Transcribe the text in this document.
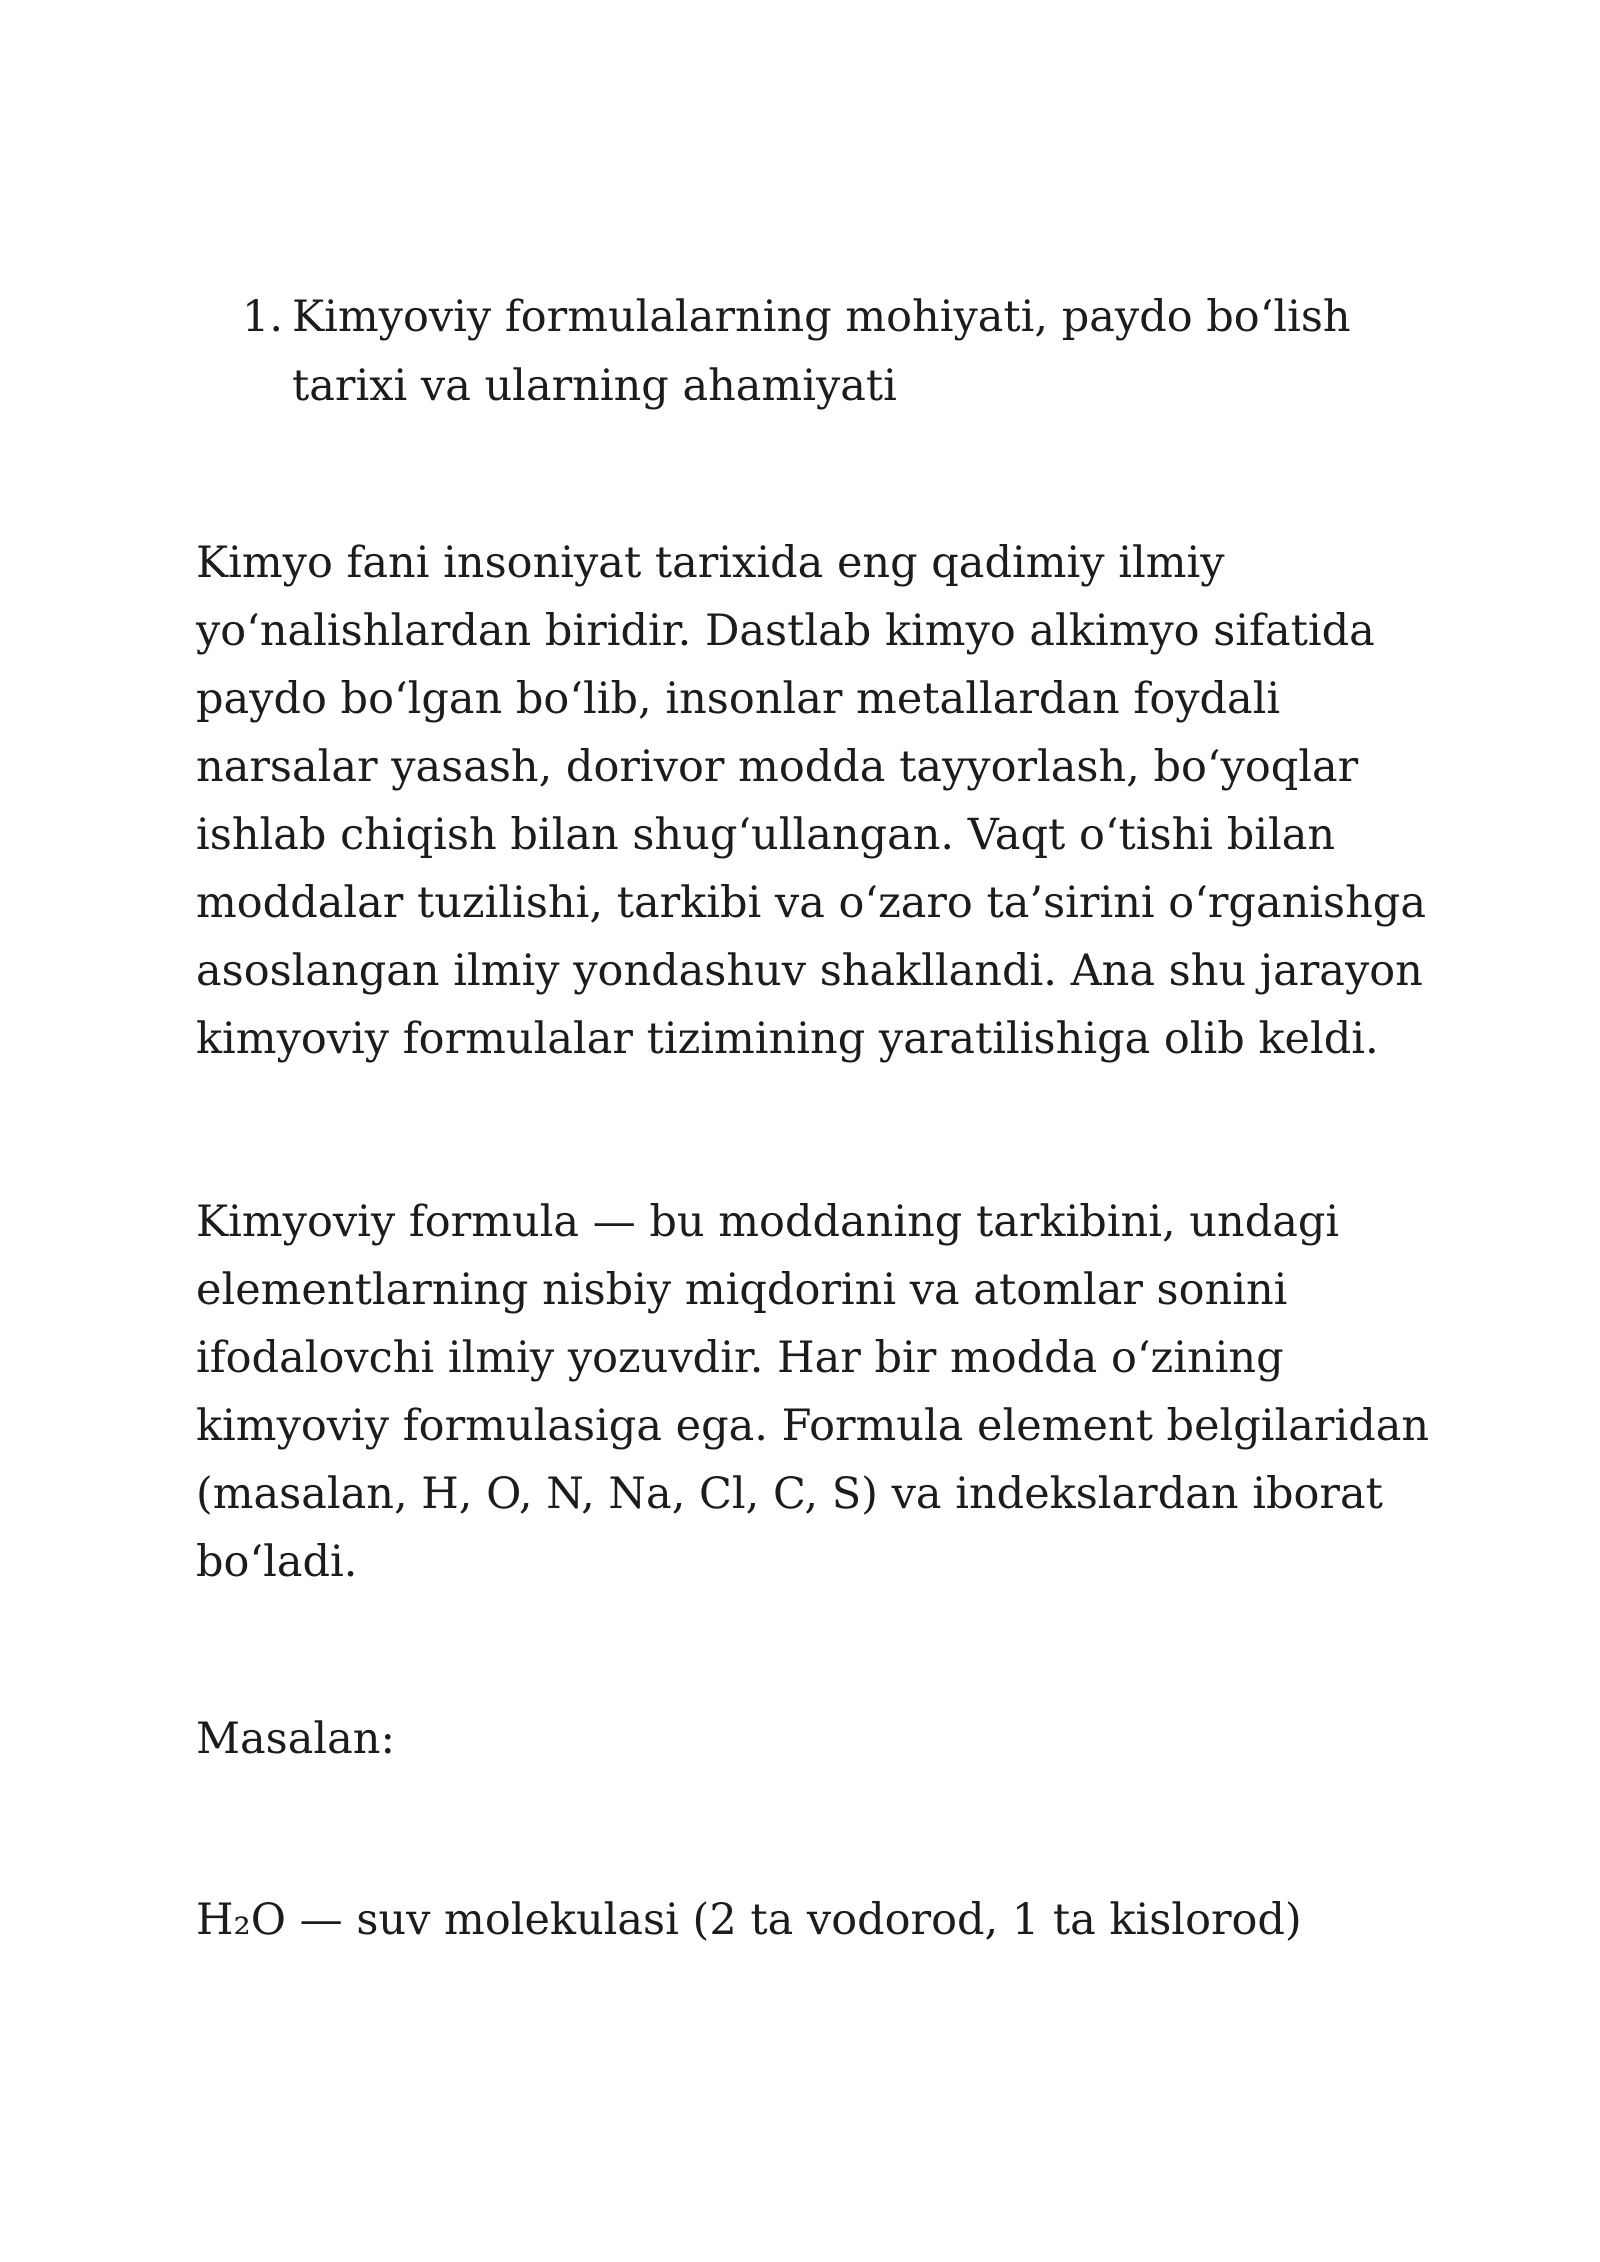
1. Kimyoviy formulalarning mohiyati, paydo bo‘lish tarixi va ularning ahamiyati

Kimyo fani insoniyat tarixida eng qadimiy ilmiy yo‘nalishlardan biridir. Dastlab kimyo alkimyo sifatida paydo bo‘lgan bo‘lib, insonlar metallardan foydali narsalar yasash, dorivor modda tayyorlash, bo‘yoqlar ishlab chiqish bilan shug‘ullangan. Vaqt o‘tishi bilan moddalar tuzilishi, tarkibi va o‘zaro ta’sirini o‘rganishga asoslangan ilmiy yondashuv shakllandi. Ana shu jarayon kimyoviy formulalar tizimining yaratilishiga olib keldi.

Kimyoviy formula — bu moddaning tarkibini, undagi elementlarning nisbiy miqdorini va atomlar sonini ifodalovchi ilmiy yozuvdir. Har bir modda o‘zining kimyoviy formulasiga ega. Formula element belgilaridan (masalan, H, O, N, Na, Cl, C, S) va indekslardan iborat bo‘ladi.

Masalan:

H₂O — suv molekulasi (2 ta vodorod, 1 ta kislorod)
